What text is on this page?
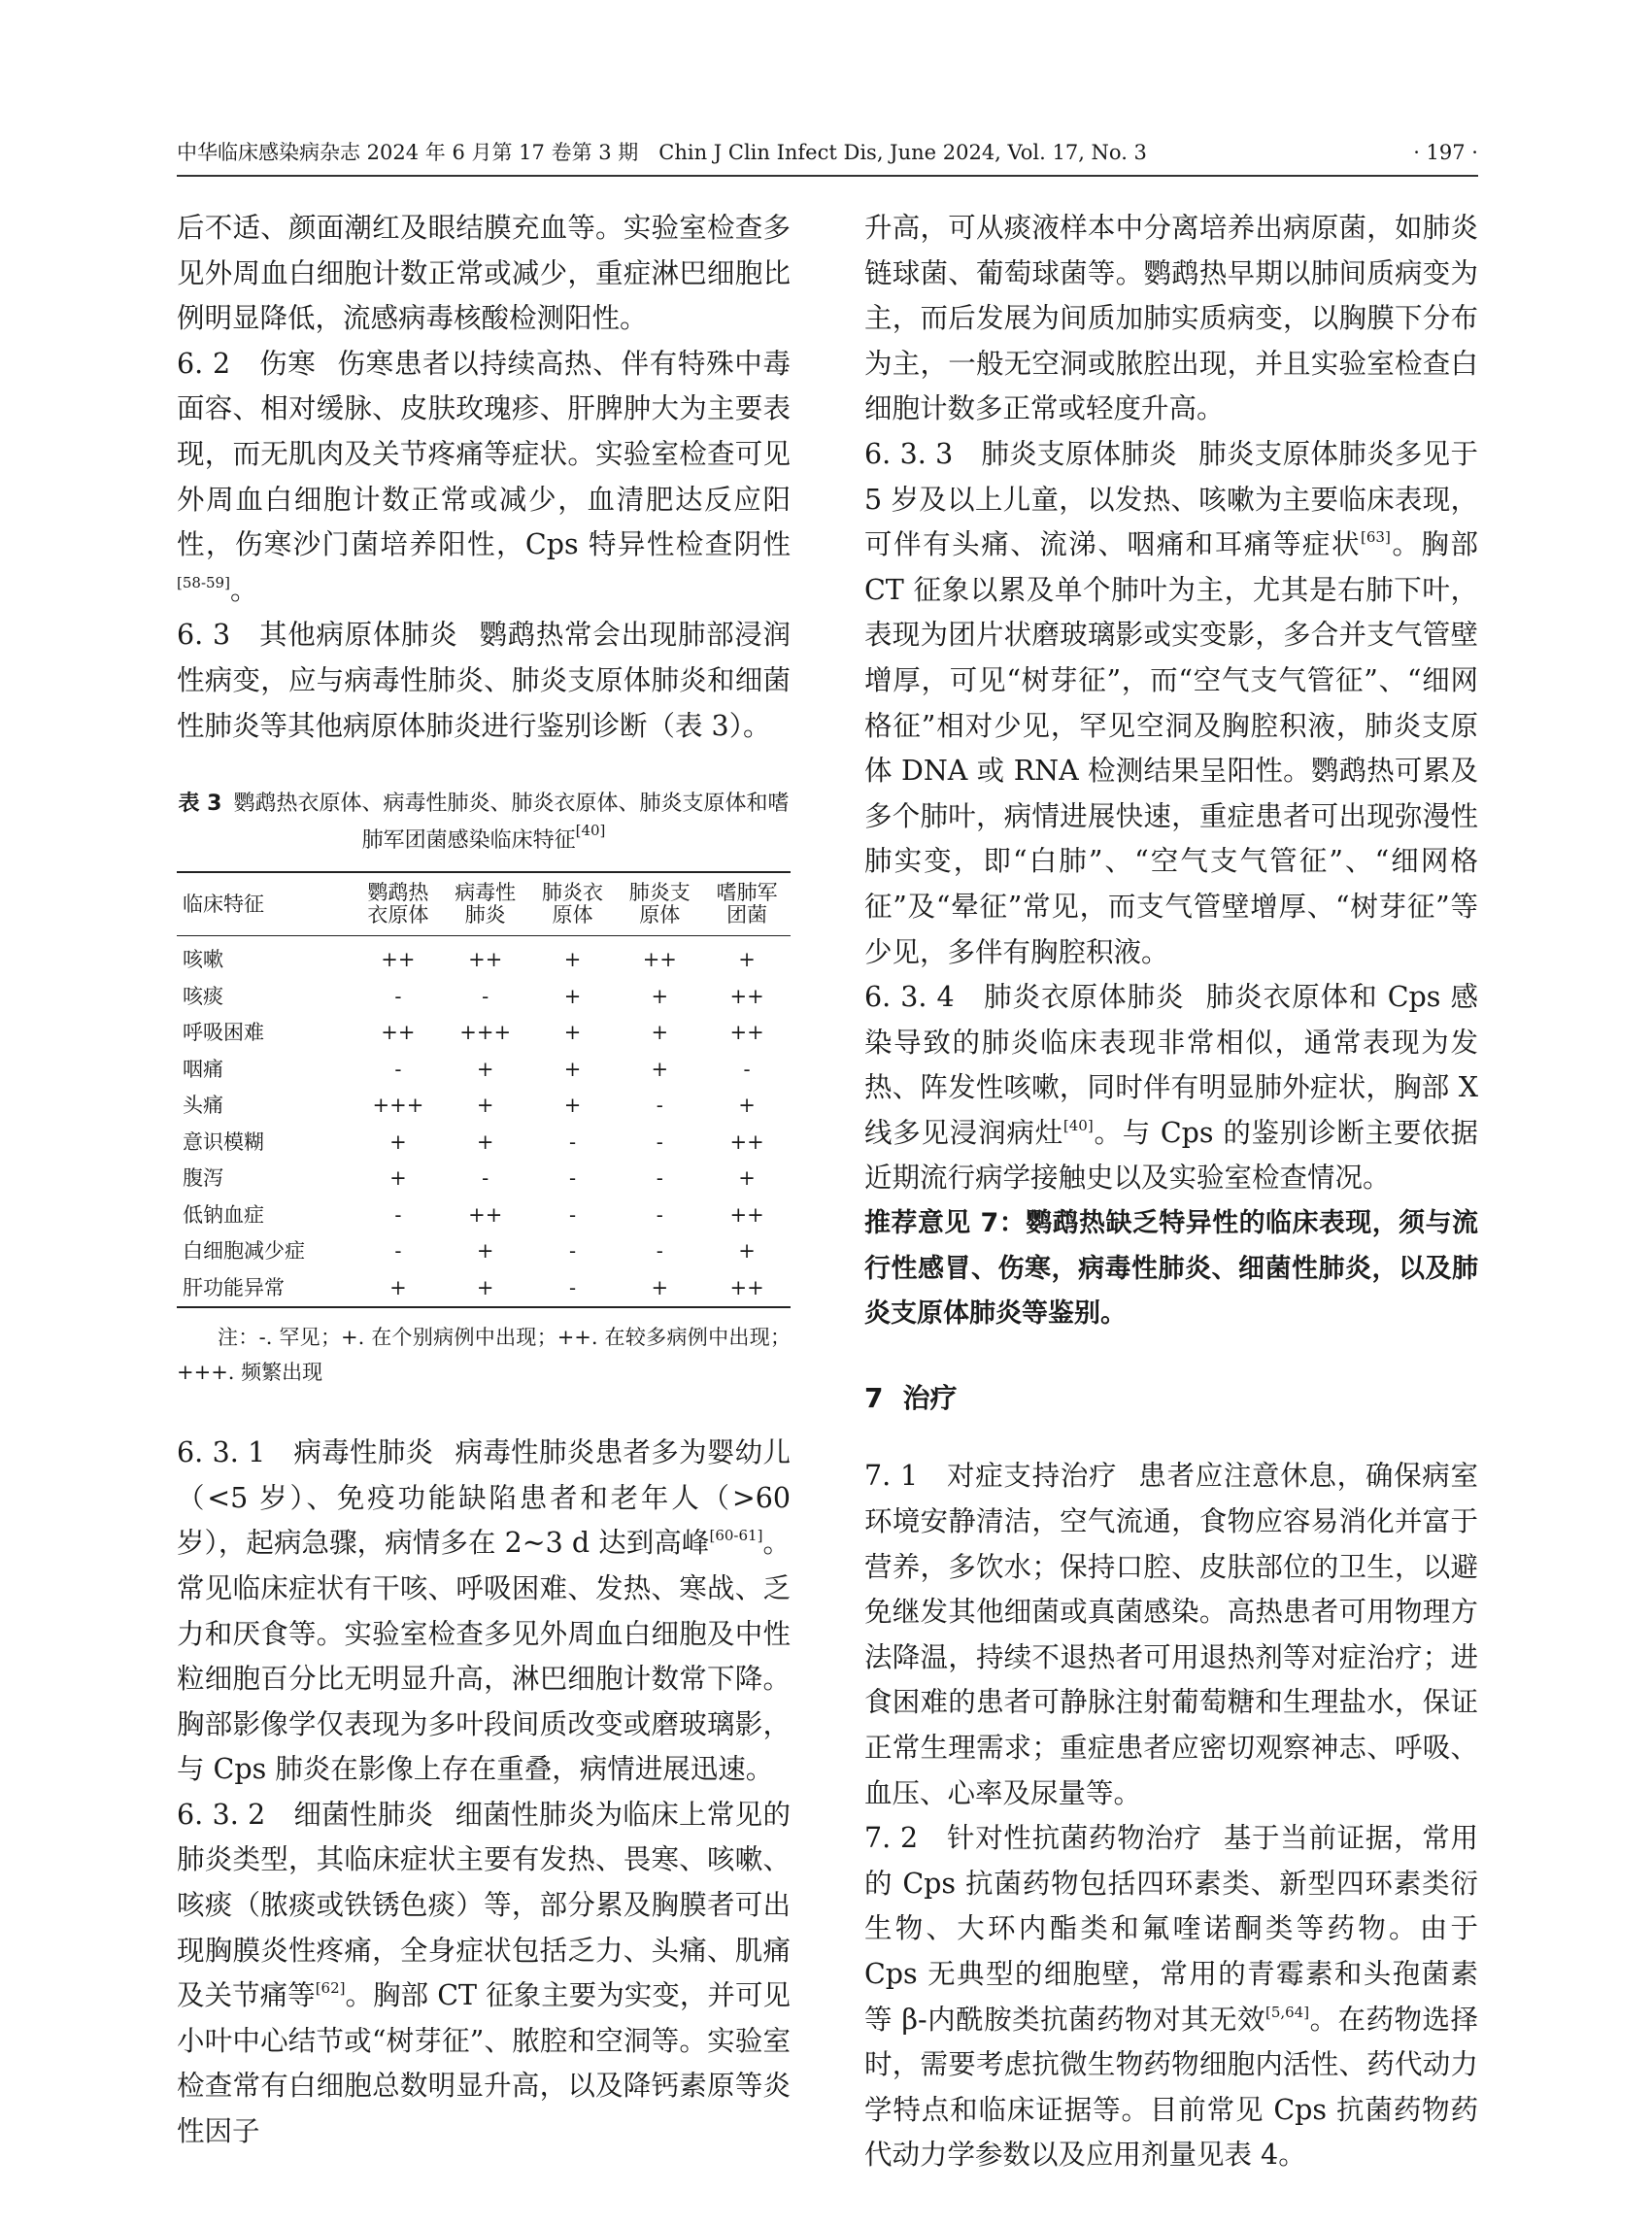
中华临床感染病杂志 2024 年 6 月第 17 卷第 3 期　Chin J Clin Infect Dis, June 2024, Vol. 17, No. 3	· 197 ·

后不适、颜面潮红及眼结膜充血等。实验室检查多见外周血白细胞计数正常或减少，重症淋巴细胞比例明显降低，流感病毒核酸检测阳性。

6. 2　伤寒 伤寒患者以持续高热、伴有特殊中毒面容、相对缓脉、皮肤玫瑰疹、肝脾肿大为主要表现，而无肌肉及关节疼痛等症状。实验室检查可见外周血白细胞计数正常或减少，血清肥达反应阳性，伤寒沙门菌培养阳性，Cps 特异性检查阴性[58-59]。

6. 3　其他病原体肺炎 鹦鹉热常会出现肺部浸润性病变，应与病毒性肺炎、肺炎支原体肺炎和细菌性肺炎等其他病原体肺炎进行鉴别诊断（表 3）。

表 3 鹦鹉热衣原体、病毒性肺炎、肺炎衣原体、肺炎支原体和嗜肺军团菌感染临床特征[40]
临床特征	鹦鹉热衣原体	病毒性肺炎	肺炎衣原体	肺炎支原体	嗜肺军团菌
咳嗽	++	++	+	++	+
咳痰	-	-	+	+	++
呼吸困难	++	+++	+	+	++
咽痛	-	+	+	+	-
头痛	+++	+	+	-	+
意识模糊	+	+	-	-	++
腹泻	+	-	-	-	+
低钠血症	-	++	-	-	++
白细胞减少症	-	+	-	-	+
肝功能异常	+	+	-	+	++
注：-. 罕见；+. 在个别病例中出现；++. 在较多病例中出现；+++. 频繁出现

6. 3. 1　病毒性肺炎 病毒性肺炎患者多为婴幼儿（<5 岁）、免疫功能缺陷患者和老年人（>60 岁），起病急骤，病情多在 2~3 d 达到高峰[60-61]。常见临床症状有干咳、呼吸困难、发热、寒战、乏力和厌食等。实验室检查多见外周血白细胞及中性粒细胞百分比无明显升高，淋巴细胞计数常下降。胸部影像学仅表现为多叶段间质改变或磨玻璃影，与 Cps 肺炎在影像上存在重叠，病情进展迅速。

6. 3. 2　细菌性肺炎 细菌性肺炎为临床上常见的肺炎类型，其临床症状主要有发热、畏寒、咳嗽、咳痰（脓痰或铁锈色痰）等，部分累及胸膜者可出现胸膜炎性疼痛，全身症状包括乏力、头痛、肌痛及关节痛等[62]。胸部 CT 征象主要为实变，并可见小叶中心结节或“树芽征”、脓腔和空洞等。实验室检查常有白细胞总数明显升高，以及降钙素原等炎性因子

升高，可从痰液样本中分离培养出病原菌，如肺炎链球菌、葡萄球菌等。鹦鹉热早期以肺间质病变为主，而后发展为间质加肺实质病变，以胸膜下分布为主，一般无空洞或脓腔出现，并且实验室检查白细胞计数多正常或轻度升高。

6. 3. 3　肺炎支原体肺炎 肺炎支原体肺炎多见于 5 岁及以上儿童，以发热、咳嗽为主要临床表现，可伴有头痛、流涕、咽痛和耳痛等症状[63]。胸部 CT 征象以累及单个肺叶为主，尤其是右肺下叶，表现为团片状磨玻璃影或实变影，多合并支气管壁增厚，可见“树芽征”，而“空气支气管征”、“细网格征”相对少见，罕见空洞及胸腔积液，肺炎支原体 DNA 或 RNA 检测结果呈阳性。鹦鹉热可累及多个肺叶，病情进展快速，重症患者可出现弥漫性肺实变，即“白肺”、“空气支气管征”、“细网格征”及“晕征”常见，而支气管壁增厚、“树芽征”等少见，多伴有胸腔积液。

6. 3. 4　肺炎衣原体肺炎 肺炎衣原体和 Cps 感染导致的肺炎临床表现非常相似，通常表现为发热、阵发性咳嗽，同时伴有明显肺外症状，胸部 X 线多见浸润病灶[40]。与 Cps 的鉴别诊断主要依据近期流行病学接触史以及实验室检查情况。

推荐意见 7：鹦鹉热缺乏特异性的临床表现，须与流行性感冒、伤寒，病毒性肺炎、细菌性肺炎，以及肺炎支原体肺炎等鉴别。

7 治疗

7. 1　对症支持治疗 患者应注意休息，确保病室环境安静清洁，空气流通，食物应容易消化并富于营养，多饮水；保持口腔、皮肤部位的卫生，以避免继发其他细菌或真菌感染。高热患者可用物理方法降温，持续不退热者可用退热剂等对症治疗；进食困难的患者可静脉注射葡萄糖和生理盐水，保证正常生理需求；重症患者应密切观察神志、呼吸、血压、心率及尿量等。

7. 2　针对性抗菌药物治疗 基于当前证据，常用的 Cps 抗菌药物包括四环素类、新型四环素类衍生物、大环内酯类和氟喹诺酮类等药物。由于 Cps 无典型的细胞壁，常用的青霉素和头孢菌素等 β-内酰胺类抗菌药物对其无效[5,64]。在药物选择时，需要考虑抗微生物药物细胞内活性、药代动力学特点和临床证据等。目前常见 Cps 抗菌药物药代动力学参数以及应用剂量见表 4。
